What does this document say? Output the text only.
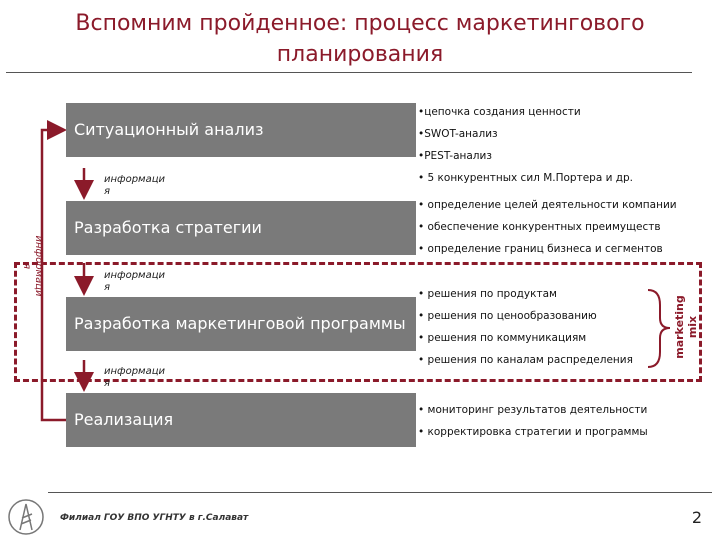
Вспомним пройденное: процесс маркетингового планирования
Ситуационный анализ
Разработка стратегии
Разработка маркетинговой программы
Реализация
информаци
я
информаци
я
информаци
я
информаци
я
•цепочка создания ценности
•SWOT-анализ
•PEST-анализ
• 5 конкурентных сил М.Портера и др.
• определение целей деятельности компании
• обеспечение конкурентных преимуществ
• определение границ бизнеса и сегментов
• решения по продуктам
• решения по ценообразованию
• решения по коммуникациям
• решения по каналам распределения
• мониторинг результатов деятельности
• корректировка стратегии и программы
marketing
mix
Филиал ГОУ ВПО УГНТУ в г.Салават	2
